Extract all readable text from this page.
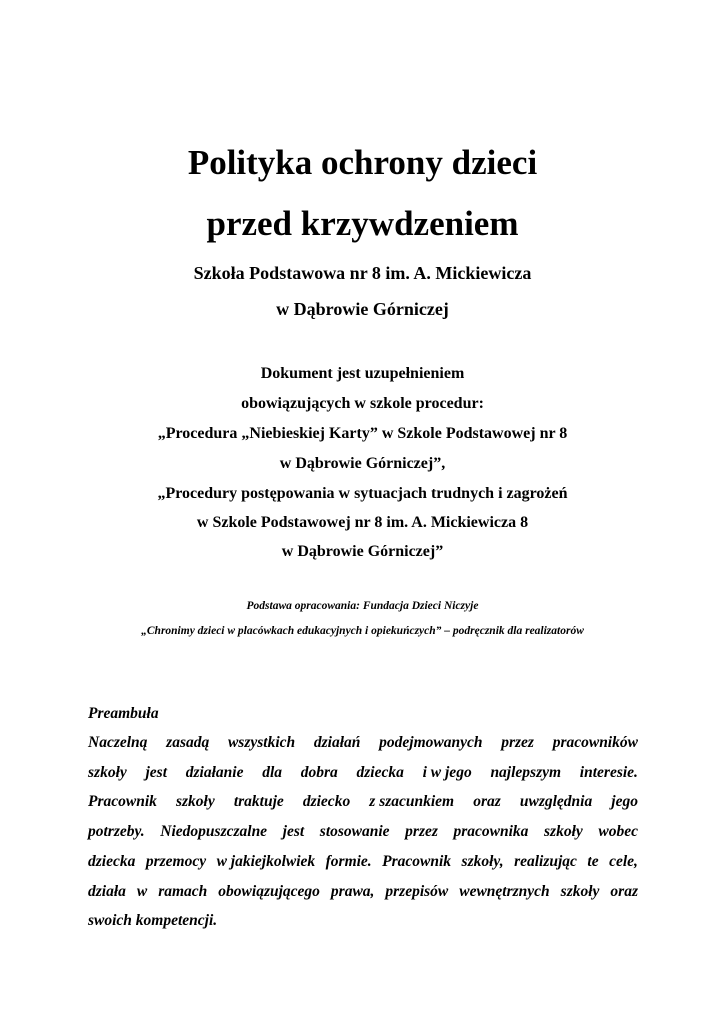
Polityka ochrony dzieci
przed krzywdzeniem
Szkoła Podstawowa nr 8 im. A. Mickiewicza
w Dąbrowie Górniczej
Dokument jest uzupełnieniem
obowiązujących w szkole procedur:
„Procedura „Niebieskiej Karty” w Szkole Podstawowej nr 8
w Dąbrowie Górniczej”,
„Procedury postępowania w sytuacjach trudnych i zagrożeń
w Szkole Podstawowej nr 8 im. A. Mickiewicza 8
w Dąbrowie Górniczej”
Podstawa opracowania: Fundacja Dzieci Niczyje
„Chronimy dzieci w placówkach edukacyjnych i opiekuńczych” – podręcznik dla realizatorów
Preambuła
Naczelną zasadą wszystkich działań podejmowanych przez pracowników
szkoły jest działanie dla dobra dziecka i w jego najlepszym interesie.
Pracownik szkoły traktuje dziecko z szacunkiem oraz uwzględnia jego
potrzeby. Niedopuszczalne jest stosowanie przez pracownika szkoły wobec
dziecka przemocy w jakiejkolwiek formie. Pracownik szkoły, realizując te cele,
działa w ramach obowiązującego prawa, przepisów wewnętrznych szkoły oraz
swoich kompetencji.
